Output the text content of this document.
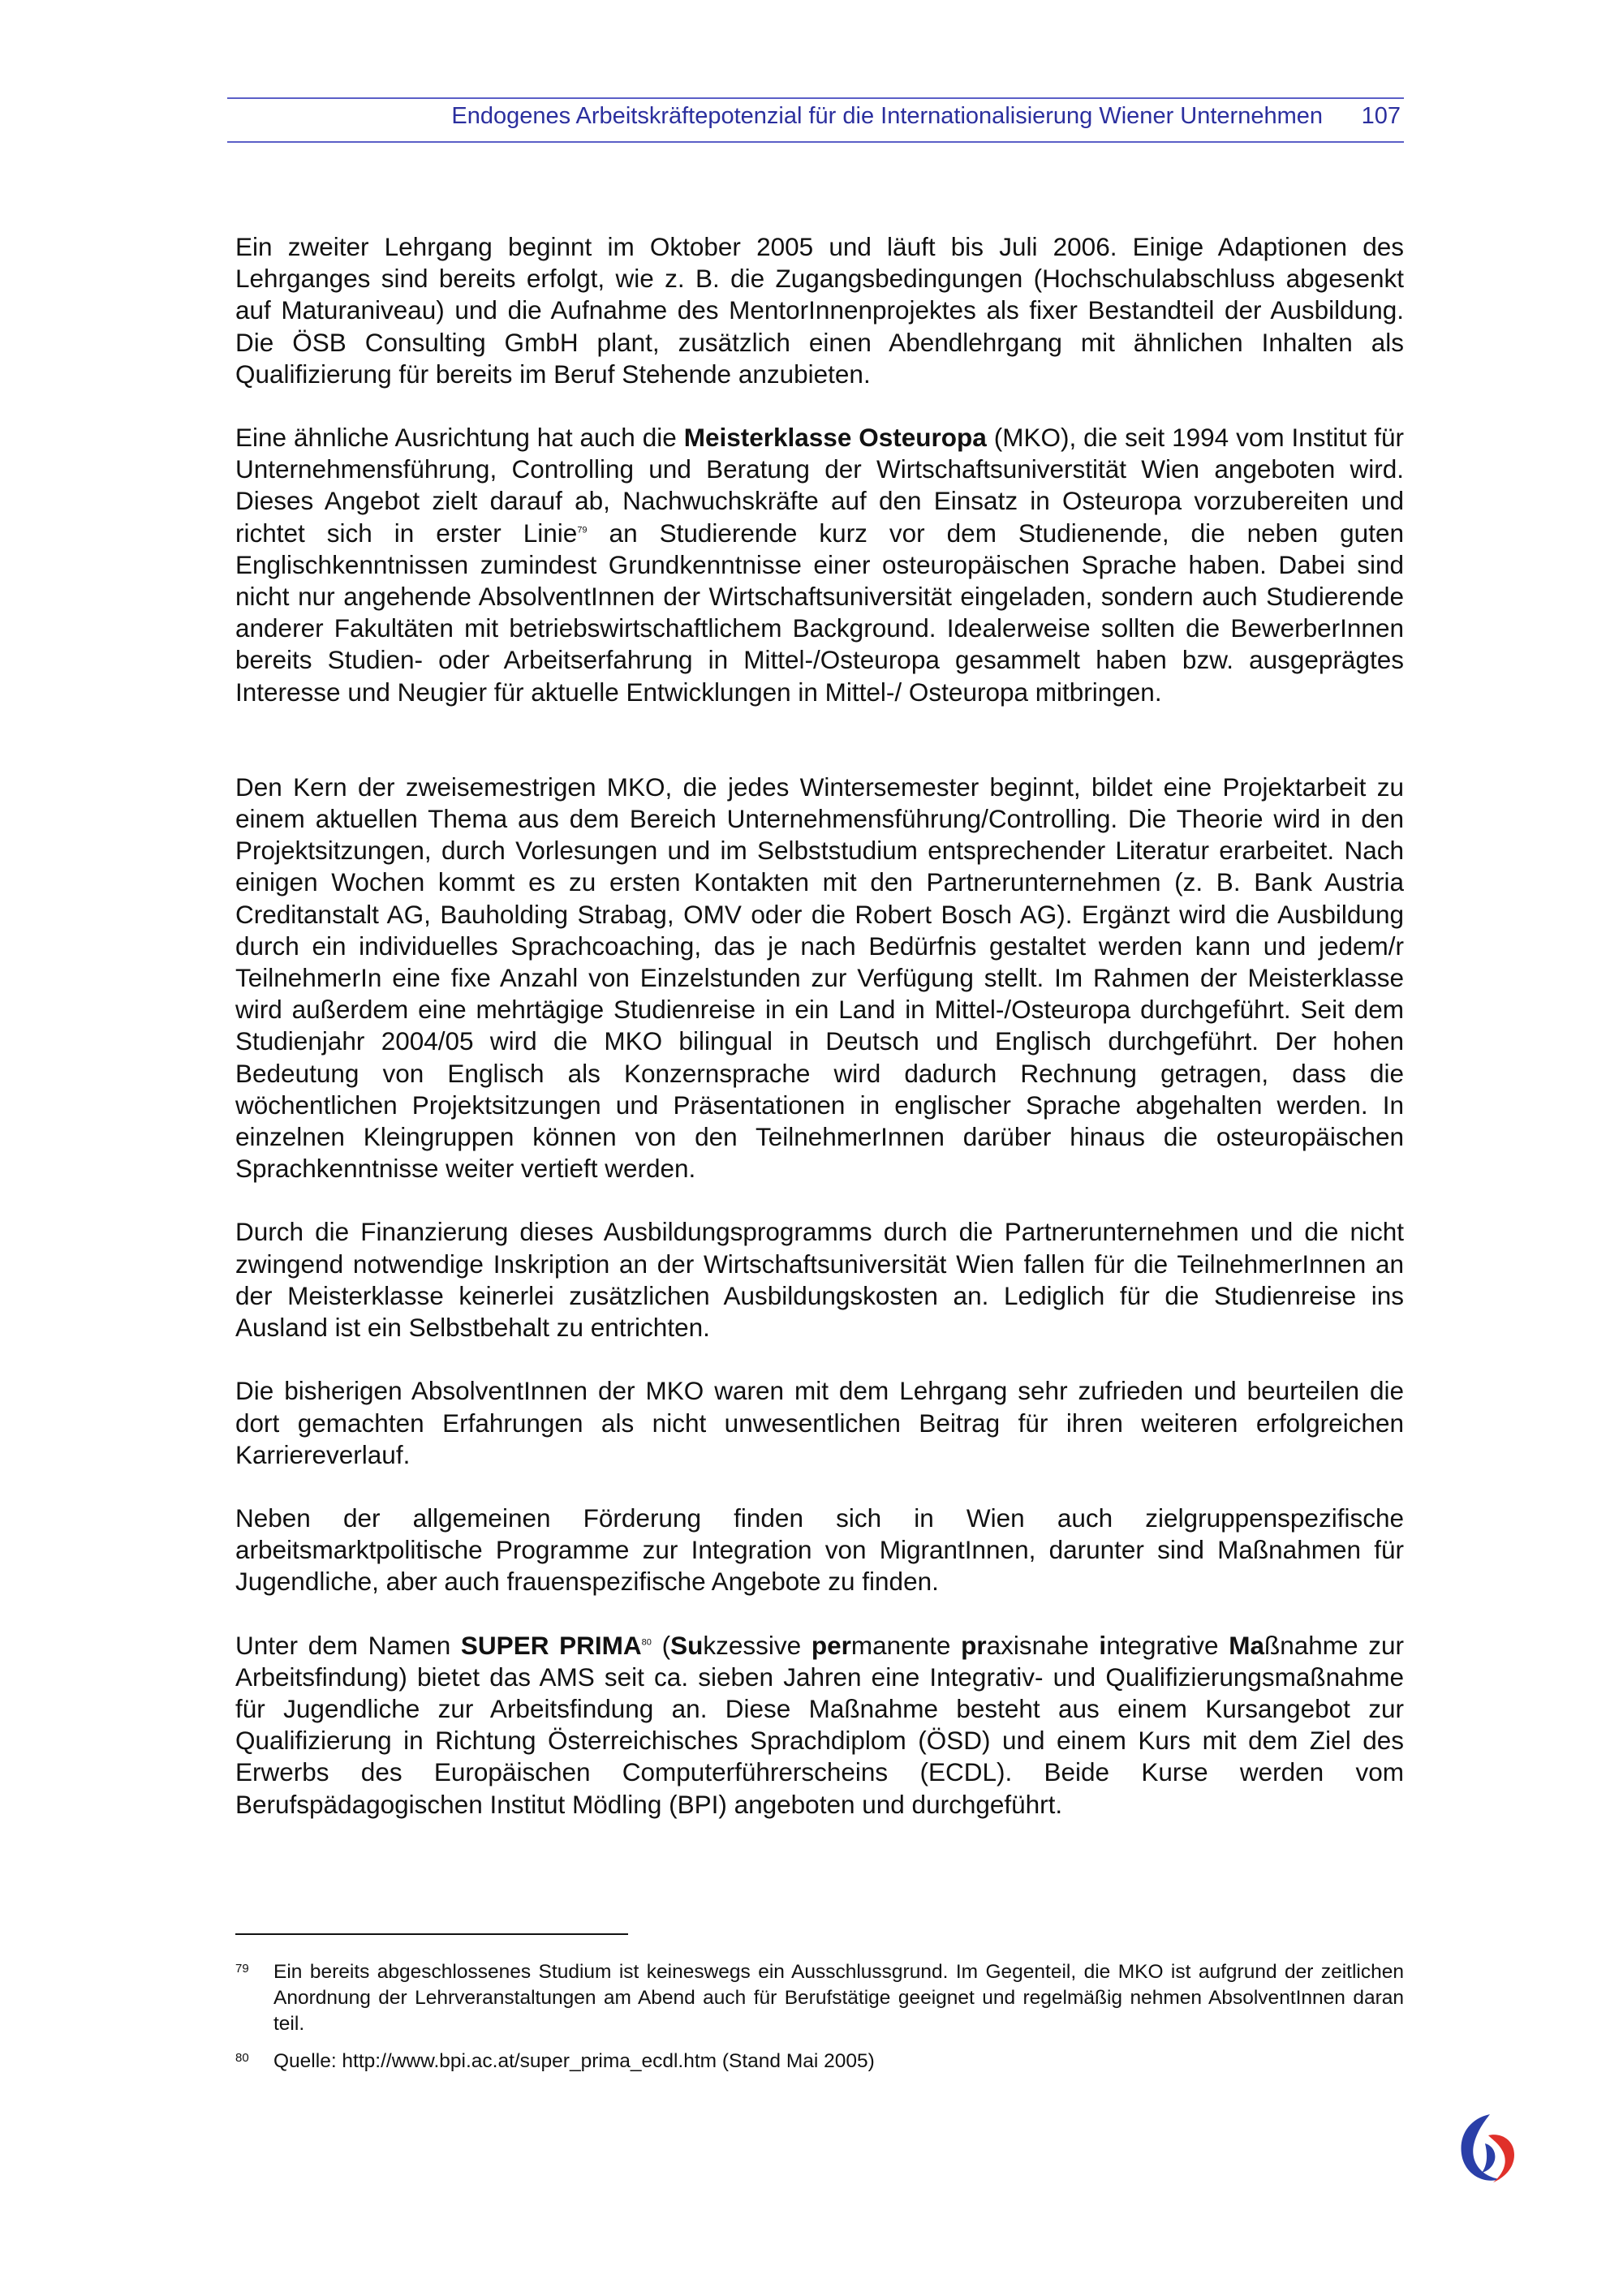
Endogenes Arbeitskräftepotenzial für die Internationalisierung Wiener Unternehmen 107

Ein zweiter Lehrgang beginnt im Oktober 2005 und läuft bis Juli 2006. Einige Adaptionen des Lehrganges sind bereits erfolgt, wie z. B. die Zugangsbedingungen (Hochschulabschluss abgesenkt auf Maturaniveau) und die Aufnahme des MentorInnenprojektes als fixer Bestandteil der Ausbildung. Die ÖSB Consulting GmbH plant, zusätzlich einen Abendlehrgang mit ähnlichen Inhalten als Qualifizierung für bereits im Beruf Stehende anzubieten.

Eine ähnliche Ausrichtung hat auch die Meisterklasse Osteuropa (MKO), die seit 1994 vom Institut für Unternehmensführung, Controlling und Beratung der Wirtschaftsuniverstität Wien angeboten wird. Dieses Angebot zielt darauf ab, Nachwuchskräfte auf den Einsatz in Osteuropa vorzubereiten und richtet sich in erster Linie$^{79}$ an Studierende kurz vor dem Studienende, die neben guten Englischkenntnissen zumindest Grundkenntnisse einer osteuropäischen Sprache haben. Dabei sind nicht nur angehende AbsolventInnen der Wirtschaftsuniversität eingeladen, sondern auch Studierende anderer Fakultäten mit betriebswirtschaftlichem Background. Idealerweise sollten die BewerberInnen bereits Studien- oder Arbeitserfahrung in Mittel-/Osteuropa gesammelt haben bzw. ausgeprägtes Interesse und Neugier für aktuelle Entwicklungen in Mittel-/ Osteuropa mitbringen.

Den Kern der zweisemestrigen MKO, die jedes Wintersemester beginnt, bildet eine Projektarbeit zu einem aktuellen Thema aus dem Bereich Unternehmensführung/Controlling. Die Theorie wird in den Projektsitzungen, durch Vorlesungen und im Selbststudium entsprechender Literatur erarbeitet. Nach einigen Wochen kommt es zu ersten Kontakten mit den Partnerunternehmen (z. B. Bank Austria Creditanstalt AG, Bauholding Strabag, OMV oder die Robert Bosch AG). Ergänzt wird die Ausbildung durch ein individuelles Sprachcoaching, das je nach Bedürfnis gestaltet werden kann und jedem/r TeilnehmerIn eine fixe Anzahl von Einzelstunden zur Verfügung stellt. Im Rahmen der Meisterklasse wird außerdem eine mehrtägige Studienreise in ein Land in Mittel-/Osteuropa durchgeführt. Seit dem Studienjahr 2004/05 wird die MKO bilingual in Deutsch und Englisch durchgeführt. Der hohen Bedeutung von Englisch als Konzernsprache wird dadurch Rechnung getragen, dass die wöchentlichen Projektsitzungen und Präsentationen in englischer Sprache abgehalten werden. In einzelnen Kleingruppen können von den TeilnehmerInnen darüber hinaus die osteuropäischen Sprachkenntnisse weiter vertieft werden.

Durch die Finanzierung dieses Ausbildungsprogramms durch die Partnerunternehmen und die nicht zwingend notwendige Inskription an der Wirtschaftsuniversität Wien fallen für die TeilnehmerInnen an der Meisterklasse keinerlei zusätzlichen Ausbildungskosten an. Lediglich für die Studienreise ins Ausland ist ein Selbstbehalt zu entrichten.

Die bisherigen AbsolventInnen der MKO waren mit dem Lehrgang sehr zufrieden und beurteilen die dort gemachten Erfahrungen als nicht unwesentlichen Beitrag für ihren weiteren erfolgreichen Karriereverlauf.

Neben der allgemeinen Förderung finden sich in Wien auch zielgruppenspezifische arbeitsmarktpolitische Programme zur Integration von MigrantInnen, darunter sind Maßnahmen für Jugendliche, aber auch frauenspezifische Angebote zu finden.

Unter dem Namen SUPER PRIMA$^{80}$ (Sukzessive permanente praxisnahe integrative Maßnahme zur Arbeitsfindung) bietet das AMS seit ca. sieben Jahren eine Integrativ- und Qualifizierungsmaßnahme für Jugendliche zur Arbeitsfindung an. Diese Maßnahme besteht aus einem Kursangebot zur Qualifizierung in Richtung Österreichisches Sprachdiplom (ÖSD) und einem Kurs mit dem Ziel des Erwerbs des Europäischen Computerführerscheins (ECDL). Beide Kurse werden vom Berufspädagogischen Institut Mödling (BPI) angeboten und durchgeführt.

79 Ein bereits abgeschlossenes Studium ist keineswegs ein Ausschlussgrund. Im Gegenteil, die MKO ist aufgrund der zeitlichen Anordnung der Lehrveranstaltungen am Abend auch für Berufstätige geeignet und regelmäßig nehmen AbsolventInnen daran teil.

80 Quelle: http://www.bpi.ac.at/super_prima_ecdl.htm (Stand Mai 2005)
